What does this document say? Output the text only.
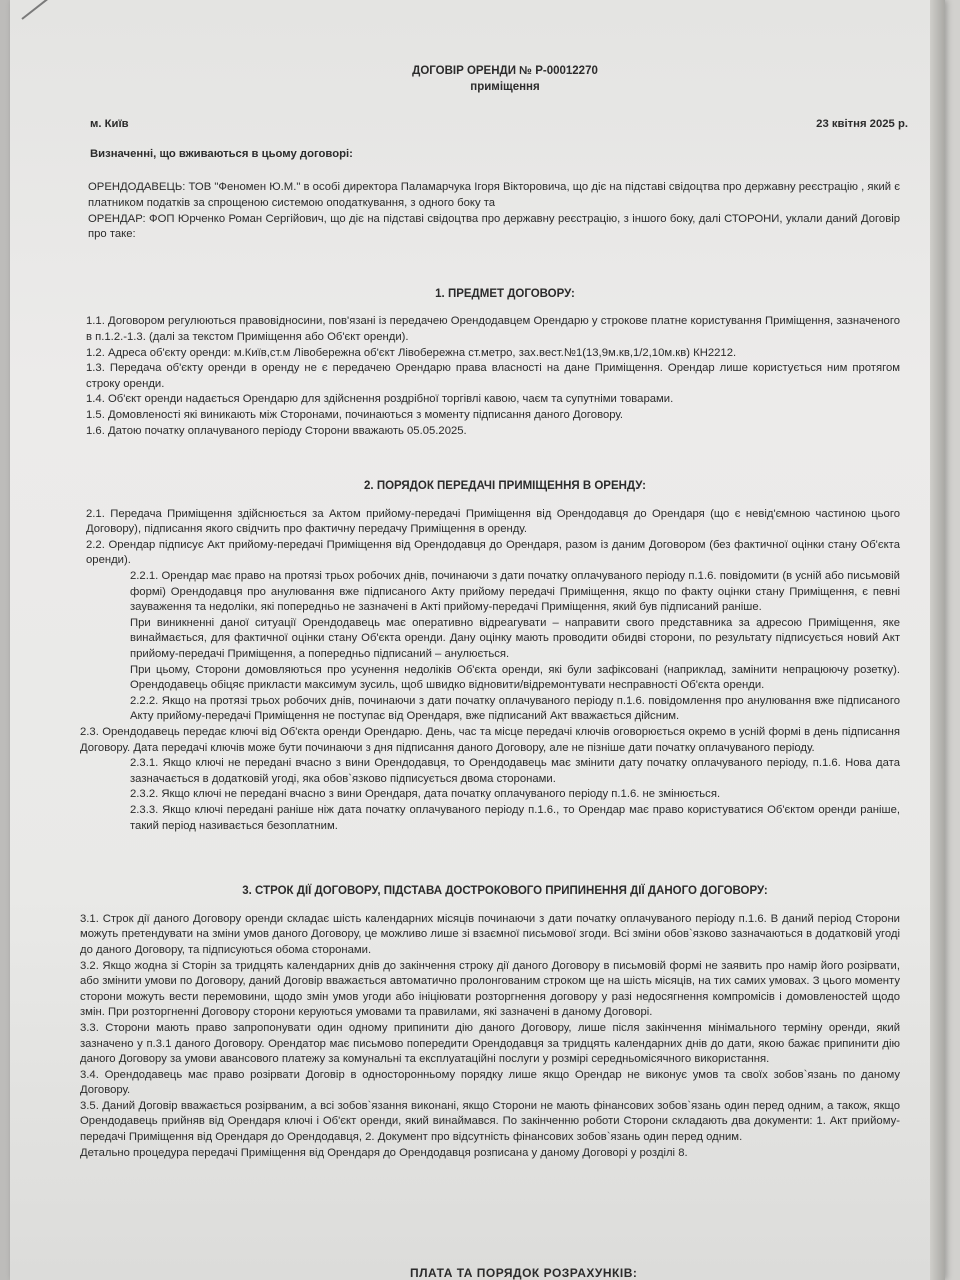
ДОГОВІР ОРЕНДИ № Р-00012270
приміщення
м. Київ	23 квітня 2025 р.
Визначенні, що вживаються в цьому договорі:

ОРЕНДОДАВЕЦЬ: ТОВ "Феномен Ю.М." в особі директора Паламарчука Ігоря Вікторовича, що діє на підставі свідоцтва про державну реєстрацію , який є платником податків за спрощеною системою оподаткування, з одного боку та

ОРЕНДАР: ФОП Юрченко Роман Сергійович, що діє на підставі свідоцтва про державну реєстрацію, з іншого боку, далі СТОРОНИ, уклали даний Договір про таке:

1. ПРЕДМЕТ ДОГОВОРУ:

1.1. Договором регулюються правовідносини, пов'язані із передачею Орендодавцем Орендарю у строкове платне користування Приміщення, зазначеного в п.1.2.-1.3. (далі за текстом Приміщення або Об'єкт оренди).

1.2. Адреса об'єкту оренди: м.Київ,ст.м Лівобережна об'єкт Лівобережна ст.метро, зах.вест.№1(13,9м.кв,1/2,10м.кв) КН2212.

1.3. Передача об'єкту оренди в оренду не є передачею Орендарю права власності на дане Приміщення. Орендар лише користується ним протягом строку оренди.

1.4. Об'єкт оренди надається Орендарю для здійснення роздрібної торгівлі кавою, чаєм та супутніми товарами.

1.5. Домовленості які виникають між Сторонами, починаються з моменту підписання даного Договору.

1.6. Датою початку оплачуваного періоду Сторони вважають 05.05.2025.

2. ПОРЯДОК ПЕРЕДАЧІ ПРИМІЩЕННЯ В ОРЕНДУ:

2.1. Передача Приміщення здійснюється за Актом прийому-передачі Приміщення від Орендодавця до Орендаря (що є невід'ємною частиною цього Договору), підписання якого свідчить про фактичну передачу Приміщення в оренду.

2.2. Орендар підписує Акт прийому-передачі Приміщення від Орендодавця до Орендаря, разом із даним Договором (без фактичної оцінки стану Об'єкта оренди).

2.2.1. Орендар має право на протязі трьох робочих днів, починаючи з дати початку оплачуваного періоду п.1.6. повідомити (в усній або письмовій формі) Орендодавця про анулювання вже підписаного Акту прийому передачі Приміщення, якщо по факту оцінки стану Приміщення, є певні зауваження та недоліки, які попередньо не зазначені в Акті прийому-передачі Приміщення, який був підписаний раніше.

При виникненні даної ситуації Орендодавець має оперативно відреагувати – направити свого представника за адресою Приміщення, яке винаймається, для фактичної оцінки стану Об'єкта оренди. Дану оцінку мають проводити обидві сторони, по результату підписується новий Акт прийому-передачі Приміщення, а попередньо підписаний – анулюється.

При цьому, Сторони домовляються про усунення недоліків Об'єкта оренди, які були зафіксовані (наприклад, замінити непрацюючу розетку). Орендодавець обіцяє прикласти максимум зусиль, щоб швидко відновити/відремонтувати несправності Об'єкта оренди.

2.2.2. Якщо на протязі трьох робочих днів, починаючи з дати початку оплачуваного періоду п.1.6. повідомлення про анулювання вже підписаного Акту прийому-передачі Приміщення не поступає від Орендаря, вже підписаний Акт вважається дійсним.

2.3. Орендодавець передає ключі від Об'єкта оренди Орендарю. День, час та місце передачі ключів оговорюється окремо в усній формі в день підписання Договору. Дата передачі ключів може бути починаючи з дня підписання даного Договору, але не пізніше дати початку оплачуваного періоду.

2.3.1. Якщо ключі не передані вчасно з вини Орендодавця, то Орендодавець має змінити дату початку оплачуваного періоду, п.1.6. Нова дата зазначається в додатковій угоді, яка обов`язково підписується двома сторонами.

2.3.2. Якщо ключі не передані вчасно з вини Орендаря, дата початку оплачуваного періоду п.1.6. не змінюється.

2.3.3. Якщо ключі передані раніше ніж дата початку оплачуваного періоду п.1.6., то Орендар має право користуватися Об'єктом оренди раніше, такий період називається безоплатним.

3. СТРОК ДІЇ ДОГОВОРУ, ПІДСТАВА ДОСТРОКОВОГО ПРИПИНЕННЯ ДІЇ ДАНОГО ДОГОВОРУ:

3.1. Строк дії даного Договору оренди складає шість календарних місяців починаючи з дати початку оплачуваного періоду п.1.6. В даний період Сторони можуть претендувати на зміни умов даного Договору, це можливо лише зі взаємної письмової згоди. Всі зміни обов`язково зазначаються в додатковій угоді до даного Договору, та підписуються обома сторонами.

3.2. Якщо жодна зі Сторін за тридцять календарних днів до закінчення строку дії даного Договору в письмовій формі не заявить про намір його розірвати, або змінити умови по Договору, даний Договір вважається автоматично пролонгованим строком ще на шість місяців, на тих самих умовах. З цього моменту сторони можуть вести перемовини, щодо змін умов угоди або ініціювати розторгнення договору у разі недосягнення компромісів і домовленостей щодо змін. При розторгненні Договору сторони керуються умовами та правилами, які зазначені в даному Договорі.

3.3. Сторони мають право запропонувати один одному припинити дію даного Договору, лише після закінчення мінімального терміну оренди, який зазначено у п.3.1 даного Договору. Орендатор має письмово попередити Орендодавця за тридцять календарних днів до дати, якою бажає припинити дію даного Договору за умови авансового платежу за комунальні та експлуатаційні послуги у розмірі середньомісячного використання.

3.4. Орендодавець має право розірвати Договір в односторонньому порядку лише якщо Орендар не виконує умов та своїх зобов`язань по даному Договору.

3.5. Даний Договір вважається розірваним, а всі зобов`язання виконані, якщо Сторони не мають фінансових зобов`язань один перед одним, а також, якщо Орендодавець прийняв від Орендаря ключі і Об'єкт оренди, який винаймався. По закінченню роботи Сторони складають два документи: 1. Акт прийому-передачі Приміщення від Орендаря до Орендодавця, 2. Документ про відсутність фінансових зобов`язань один перед одним.

Детально процедура передачі Приміщення від Орендаря до Орендодавця розписана у даному Договорі у розділі 8.

ПЛАТА ТА ПОРЯДОК РОЗРАХУНКІВ:
